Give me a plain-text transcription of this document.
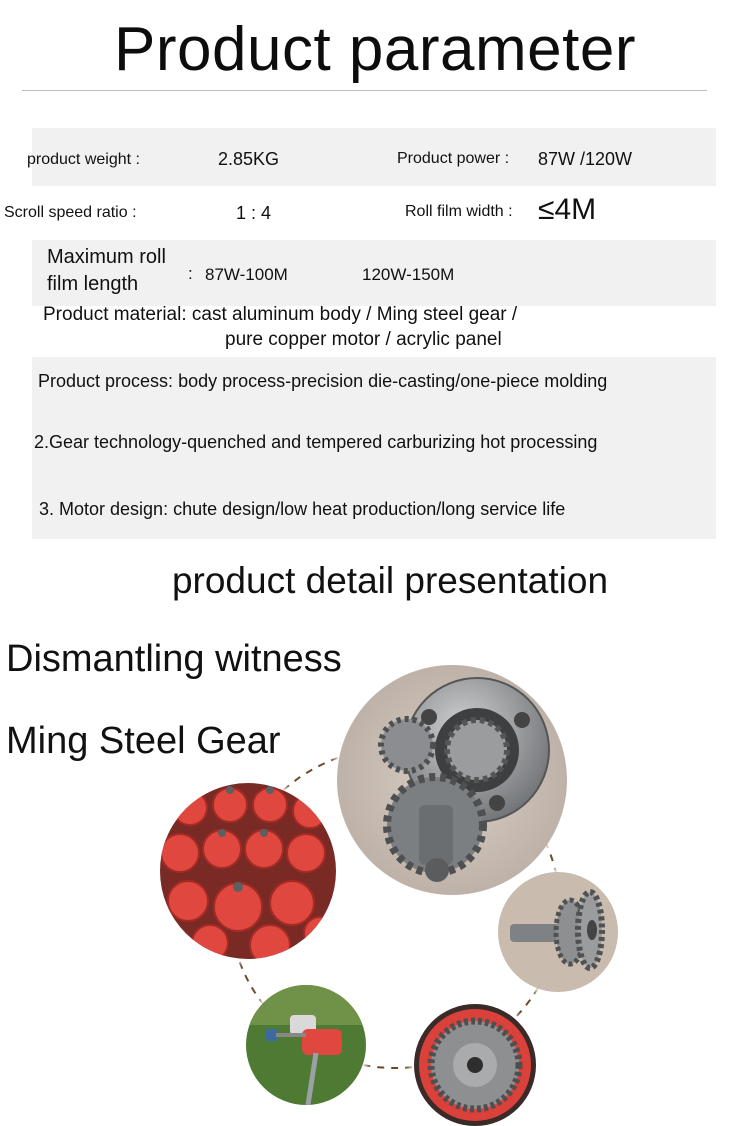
Product parameter
product weight :	2.85KG	Product power : 87W /120W
Scroll speed ratio :	1 : 4	Roll film width : ≤4M
Maximum roll
film length	: 87W-100M	120W-150M
Product material: cast aluminum body / Ming steel gear /
pure copper motor / acrylic panel
Product process: body process-precision die-casting/one-piece molding
2.Gear technology-quenched and tempered carburizing hot processing
3. Motor design: chute design/low heat production/long service life
product detail presentation
Dismantling witness
Ming Steel Gear
